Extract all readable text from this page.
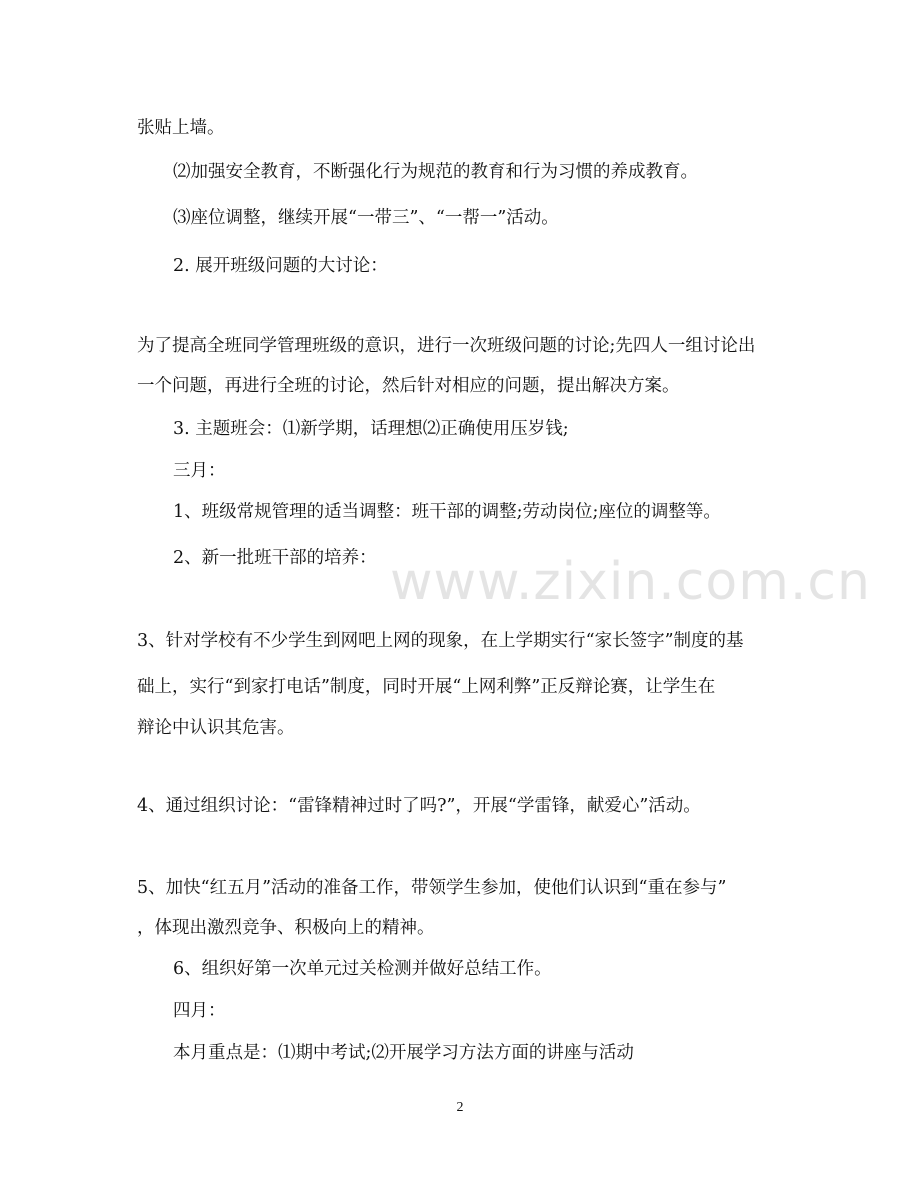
www.zixin.com.cn
张贴上墙。
⑵加强安全教育，不断强化行为规范的教育和行为习惯的养成教育。
⑶座位调整，继续开展“一带三”、“一帮一”活动。
2. 展开班级问题的大讨论：
为了提高全班同学管理班级的意识，进行一次班级问题的讨论;先四人一组讨论出
一个问题，再进行全班的讨论，然后针对相应的问题，提出解决方案。
3. 主题班会：⑴新学期，话理想⑵正确使用压岁钱;
三月：
1、班级常规管理的适当调整：班干部的调整;劳动岗位;座位的调整等。
2、新一批班干部的培养：
3、针对学校有不少学生到网吧上网的现象，在上学期实行“家长签字”制度的基
础上，实行“到家打电话”制度，同时开展“上网利弊”正反辩论赛，让学生在
辩论中认识其危害。
4、通过组织讨论：“雷锋精神过时了吗?”，开展“学雷锋，献爱心”活动。
5、加快“红五月”活动的准备工作，带领学生参加，使他们认识到“重在参与”
，体现出激烈竞争、积极向上的精神。
6、组织好第一次单元过关检测并做好总结工作。
四月：
本月重点是：⑴期中考试;⑵开展学习方法方面的讲座与活动
2
